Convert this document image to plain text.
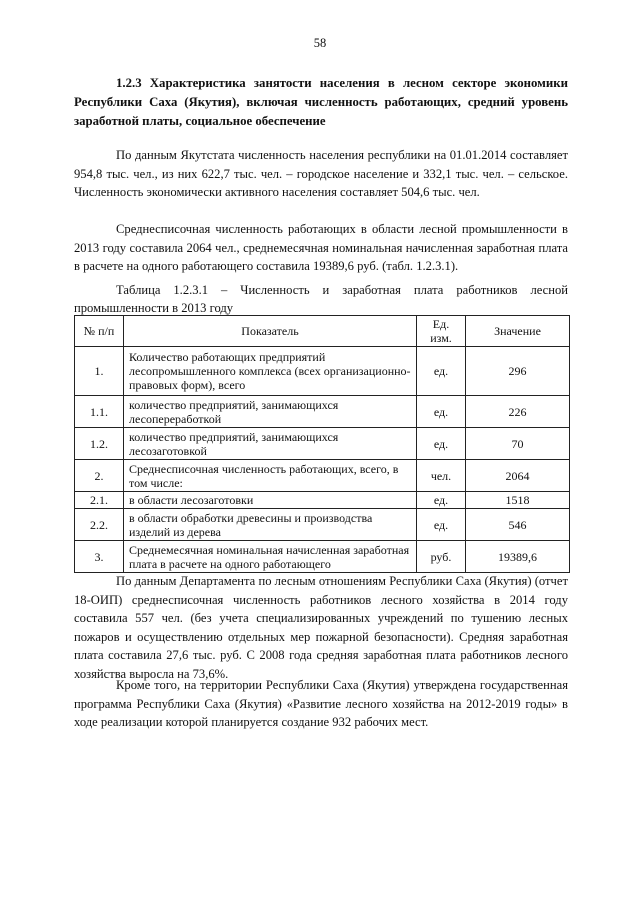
58
1.2.3 Характеристика занятости населения в лесном секторе экономики Республики Саха (Якутия), включая численность работающих, средний уровень заработной платы, социальное обеспечение

По данным Якутстата численность населения республики на 01.01.2014 составляет 954,8 тыс. чел., из них 622,7 тыс. чел. – городское население и 332,1 тыс. чел. – сельское. Численность экономически активного населения составляет 504,6 тыс. чел.

Среднесписочная численность работающих в области лесной промышленности в 2013 году составила 2064 чел., среднемесячная номинальная начисленная заработная плата в расчете на одного работающего составила 19389,6 руб. (табл. 1.2.3.1).

Таблица 1.2.3.1 – Численность и заработная плата работников лесной промышленности в 2013 году
№ п/п	Показатель	Ед. изм.	Значение
1.	Количество работающих предприятий лесопромышленного комплекса (всех организационно-правовых форм), всего	ед.	296
1.1.	количество предприятий, занимающихся лесопереработкой	ед.	226
1.2.	количество предприятий, занимающихся лесозаготовкой	ед.	70
2.	Среднесписочная численность работающих, всего, в том числе:	чел.	2064
2.1.	в области лесозаготовки	ед.	1518
2.2.	в области обработки древесины и производства изделий из дерева	ед.	546
3.	Среднемесячная номинальная начисленная заработная плата в расчете на одного работающего	руб.	19389,6

По данным Департамента по лесным отношениям Республики Саха (Якутия) (отчет 18-ОИП) среднесписочная численность работников лесного хозяйства в 2014 году составила 557 чел. (без учета специализированных учреждений по тушению лесных пожаров и осуществлению отдельных мер пожарной безопасности). Средняя заработная плата составила 27,6 тыс. руб. С 2008 года средняя заработная плата работников лесного хозяйства выросла на 73,6%.

Кроме того, на территории Республики Саха (Якутия) утверждена государственная программа Республики Саха (Якутия) «Развитие лесного хозяйства на 2012-2019 годы» в ходе реализации которой планируется создание 932 рабочих мест.
